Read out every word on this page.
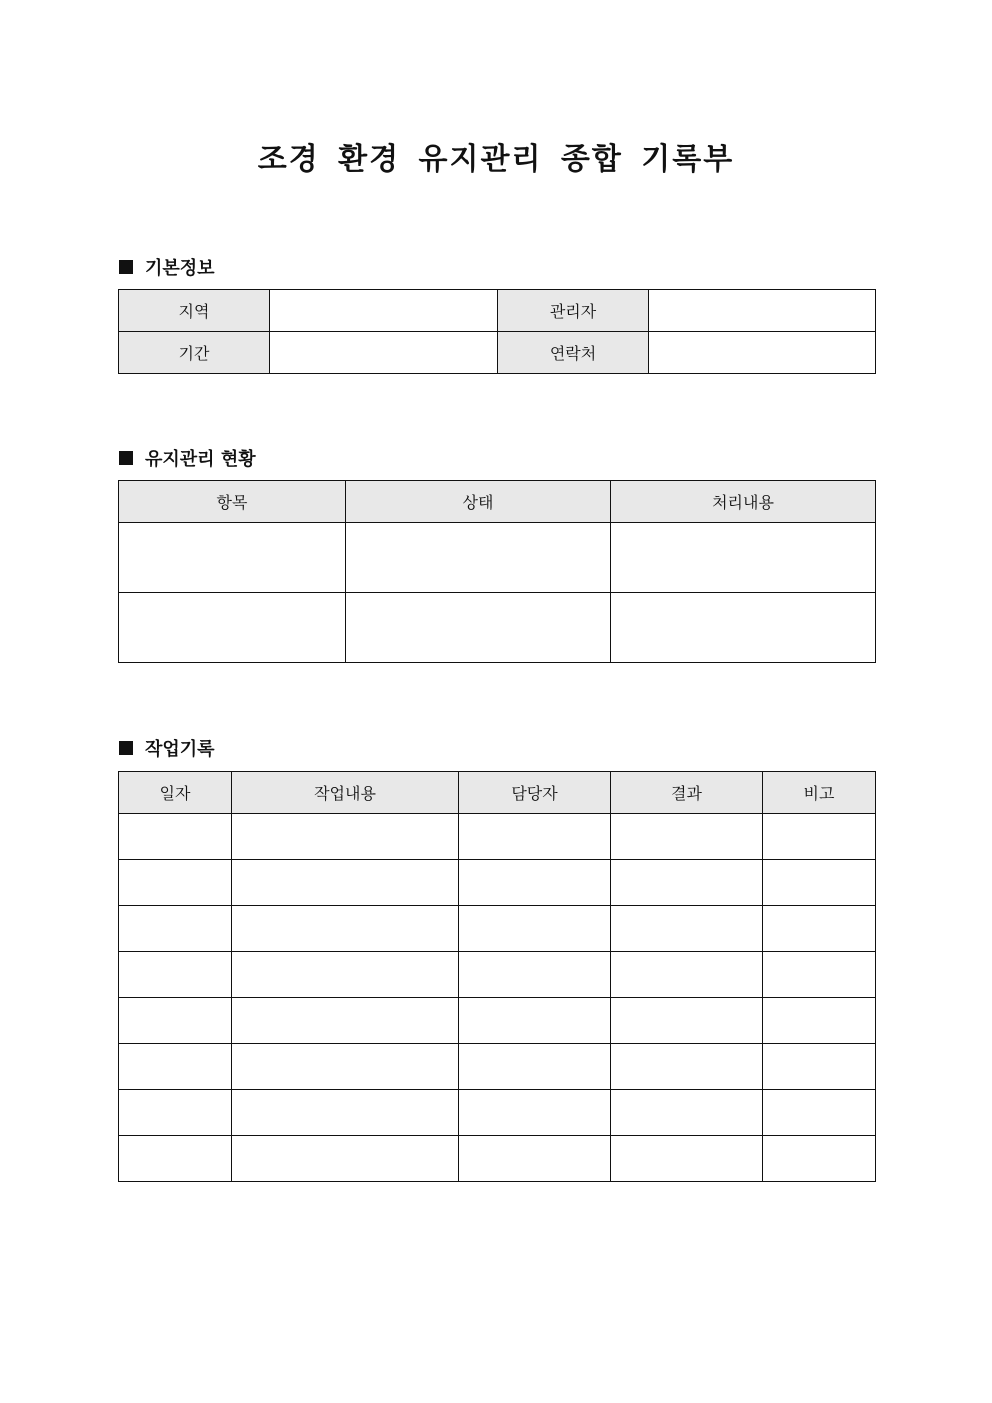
조경 환경 유지관리 종합 기록부
기본정보
지역		관리자	
기간		연락처	
유지관리 현황
항목	상태	처리내용

작업기록
일자	작업내용	담당자	결과	비고
